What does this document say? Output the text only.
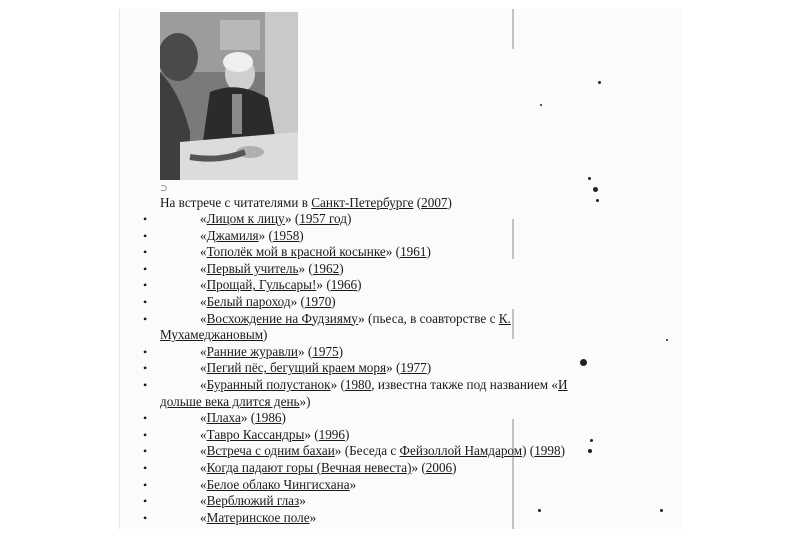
⊃
На встрече с читателями в Санкт-Петербурге (2007)
•	«Лицом к лицу» (1957 год)
•	«Джамиля» (1958)
•	«Тополёк мой в красной косынке» (1961)
•	«Первый учитель» (1962)
•	«Прощай, Гульсары!» (1966)
•	«Белый пароход» (1970)
•	«Восхождение на Фудзияму» (пьеса, в соавторстве с К.
Мухамеджановым)
•	«Ранние журавли» (1975)
•	«Пегий пёс, бегущий краем моря» (1977)
•	«Буранный полустанок» (1980, известна также под названием «И
дольше века длится день»)
•	«Плаха» (1986)
•	«Тавро Кассандры» (1996)
•	«Встреча с одним бахаи» (Беседа с Фейзоллой Намдаром) (1998)
•	«Когда падают горы (Вечная невеста)» (2006)
•	«Белое облако Чингисхана»
•	«Верблюжий глаз»
•	«Материнское поле»
